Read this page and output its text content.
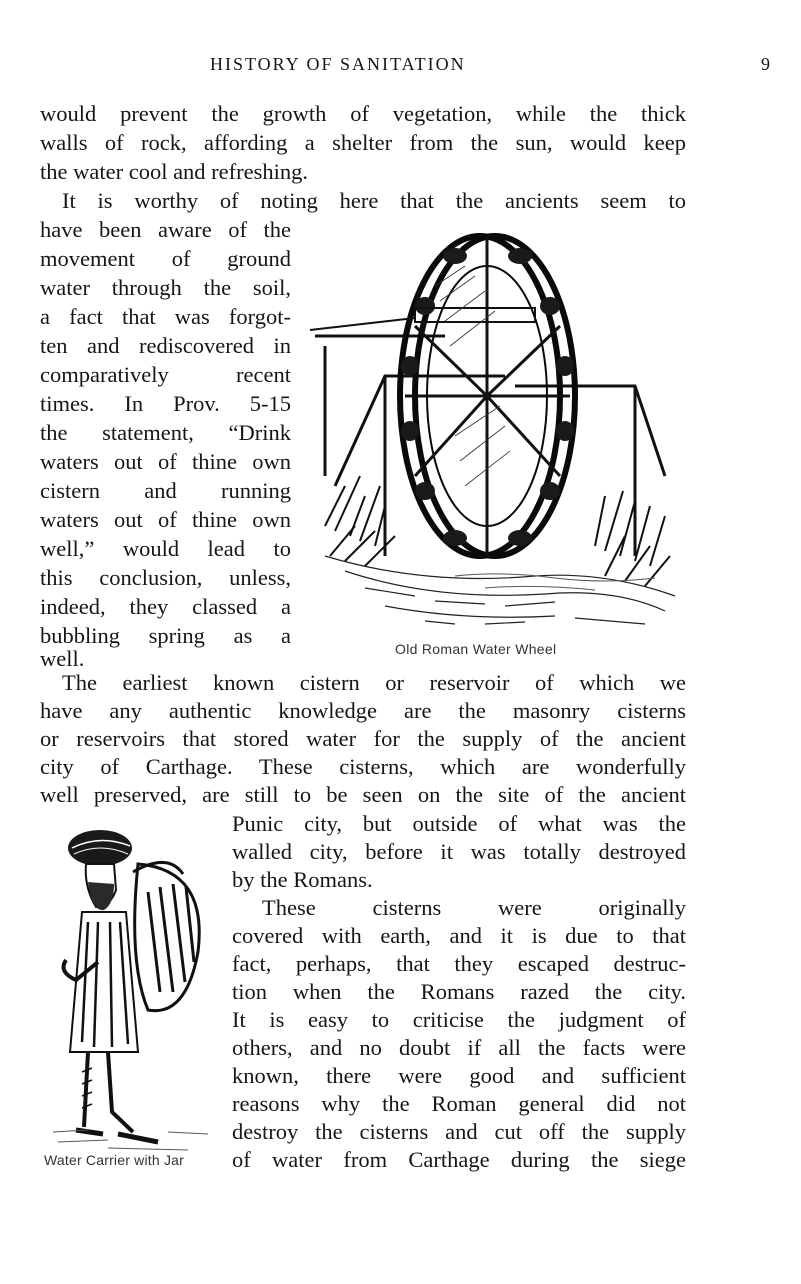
HISTORY OF SANITATION	9
would prevent the growth of vegetation, while the thick
walls of rock, affording a shelter from the sun, would keep
the water cool and refreshing.
It is worthy of noting here that the ancients seem to
have been aware of the
movement of ground
water through the soil,
a fact that was forgot-
ten and rediscovered in
comparatively recent
times. In Prov. 5-15
the statement, “Drink
waters out of thine own
cistern and running
waters out of thine own
well,” would lead to
this conclusion, unless,
indeed, they classed a
bubbling spring as a
well.
The earliest known cistern or reservoir of which we
have any authentic knowledge are the masonry cisterns
or reservoirs that stored water for the supply of the ancient
city of Carthage. These cisterns, which are wonderfully
well preserved, are still to be seen on the site of the ancient
Punic city, but outside of what was the
walled city, before it was totally destroyed
by the Romans.
These cisterns were originally
covered with earth, and it is due to that
fact, perhaps, that they escaped destruc-
tion when the Romans razed the city.
It is easy to criticise the judgment of
others, and no doubt if all the facts were
known, there were good and sufficient
reasons why the Roman general did not
destroy the cisterns and cut off the supply
of water from Carthage during the siege
Old Roman Water Wheel
Water Carrier with Jar
